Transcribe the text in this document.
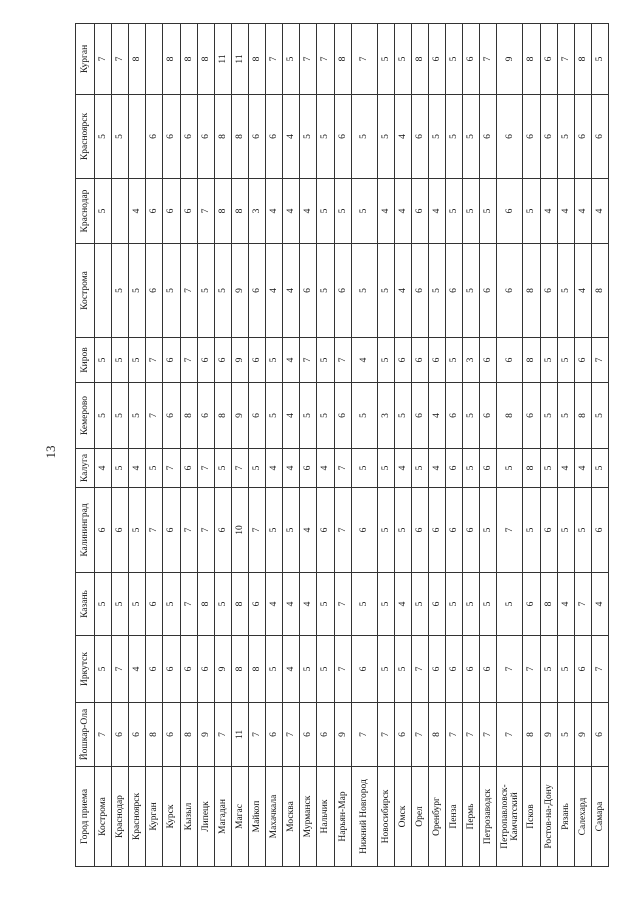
13
Город приема	Йошкар-Ола	Иркутск	Казань	Калининград	Калуга	Кемерово	Киров	Кострома	Краснодар	Красноярск	Курган
Кострома	7	5	5	6	4	5	5		5	5	7
Краснодар	6	7	5	6	5	5	5	5		5	7
Красноярск	6	4	5	5	4	5	5	5	4		8
Курган	8	6	6	7	5	7	7	6	6	6	
Курск	6	6	5	6	7	6	6	5	6	6	8
Кызыл	8	6	7	7	6	8	7	7	6	6	8
Липецк	9	6	8	7	7	6	6	5	7	6	8
Магадан	7	9	5	6	5	8	6	5	8	8	11
Магас	11	8	8	10	7	9	9	9	8	8	11
Майкоп	7	8	6	7	5	6	6	6	3	6	8
Махачкала	6	5	4	5	4	5	5	4	4	6	7
Москва	7	4	4	5	4	4	4	4	4	4	5
Мурманск	6	5	4	4	6	5	7	6	4	5	7
Нальчик	6	5	5	6	4	5	5	5	5	5	7
Нарьян-Мар	9	7	7	7	7	6	7	6	5	6	8
Нижний Новгород	7	6	5	6	5	5	4	5	5	5	7
Новосибирск	7	5	5	5	5	3	5	5	4	5	5
Омск	6	5	4	5	4	5	6	4	4	4	5
Орел	7	7	5	6	5	6	6	6	6	6	8
Оренбург	8	6	6	6	4	4	6	5	4	5	6
Пенза	7	6	5	6	6	6	5	6	5	5	5
Пермь	7	6	5	6	5	5	3	5	5	5	6
Петрозаводск	7	6	5	5	6	6	6	6	5	6	7
Петропавловск-Камчатский	7	7	5	7	5	8	6	6	6	6	9
Псков	8	7	6	5	8	6	8	8	5	6	8
Ростов-на-Дону	9	5	8	6	5	5	5	6	4	6	6
Рязань	5	5	4	5	4	5	5	5	4	5	7
Салехард	9	6	7	5	4	8	6	4	4	6	8
Самара	6	7	4	6	5	5	7	8	4	6	5
